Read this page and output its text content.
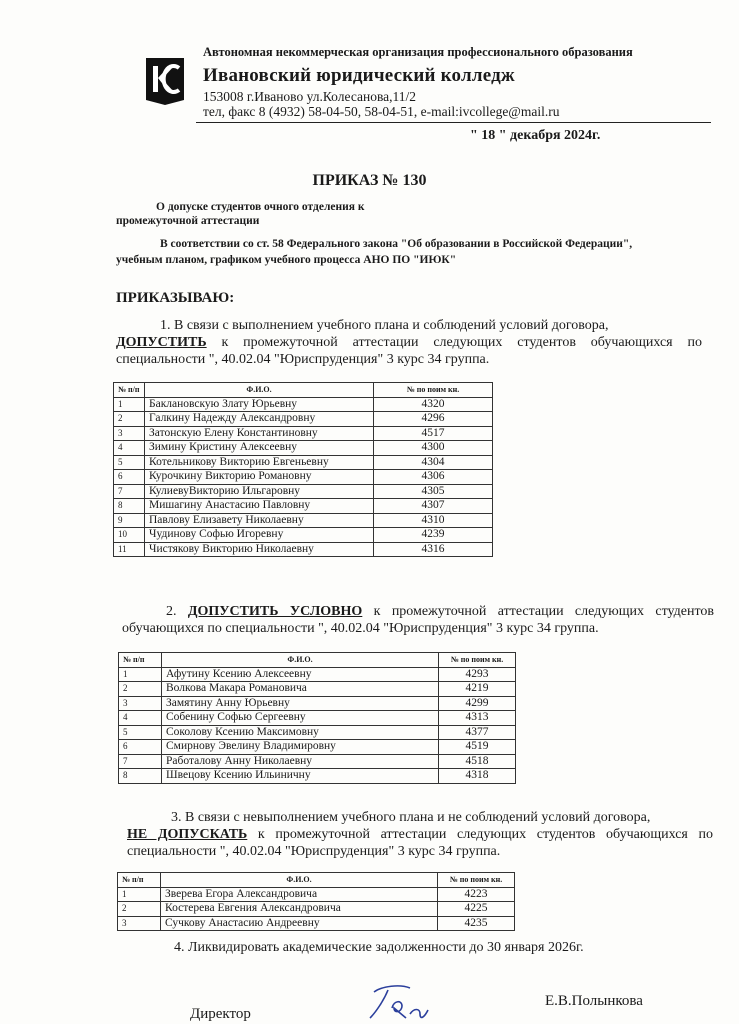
Автономная некоммерческая организация профессионального образования
Ивановский юридический колледж
153008 г.Иваново ул.Колесанова,11/2
тел, факс 8 (4932) 58-04-50, 58-04-51, e-mail:ivcollege@mail.ru
" 18 " декабря 2024г.
ПРИКАЗ № 130
О допуске студентов очного отделения к
промежуточной аттестации
В соответствии со ст. 58 Федерального закона "Об образовании в Российской Федерации",
учебным планом, графиком учебного процесса АНО ПО "ИЮК"
ПРИКАЗЫВАЮ:
1. В связи с выполнением учебного плана и соблюдений условий договора,
ДОПУСТИТЬ к промежуточной аттестации следующих студентов обучающихся по специальности ", 40.02.04 "Юриспруденция" 3 курс 34 группа.
№ п/п	Ф.И.О.	№ по поим кн.
1	Баклановскую Злату Юрьевну	4320
2	Галкину Надежду Александровну	4296
3	Затонскую Елену Константиновну	4517
4	Зимину Кристину Алексеевну	4300
5	Котельникову Викторию Евгеньевну	4304
6	Курочкину Викторию Романовну	4306
7	КулиевуВикторию Ильгаровну	4305
8	Мишагину Анастасию Павловну	4307
9	Павлову Елизавету Николаевну	4310
10	Чудинову Софью Игоревну	4239
11	Чистякову Викторию Николаевну	4316
2. ДОПУСТИТЬ УСЛОВНО к промежуточной аттестации следующих студентов обучающихся по специальности ", 40.02.04 "Юриспруденция" 3 курс 34 группа.
№ п/п	Ф.И.О.	№ по поим кн.
1	Афутину Ксению Алексеевну	4293
2	Волкова Макара Романовича	4219
3	Замятину Анну Юрьевну	4299
4	Собенину Софью Сергеевну	4313
5	Соколову Ксению Максимовну	4377
6	Смирнову Эвелину Владимировну	4519
7	Работалову Анну Николаевну	4518
8	Швецову Ксению Ильиничну	4318
3. В связи с невыполнением учебного плана и не соблюдений условий договора,
НЕ ДОПУСКАТЬ к промежуточной аттестации следующих студентов обучающихся по специальности ", 40.02.04 "Юриспруденция" 3 курс 34 группа.
№ п/п	Ф.И.О.	№ по поим кн.
1	Зверева Егора Александровича	4223
2	Костерева Евгения Александровича	4225
3	Сучкову Анастасию Андреевну	4235
4. Ликвидировать академические задолженности до 30 января 2026г.
Директор
Е.В.Полынкова
